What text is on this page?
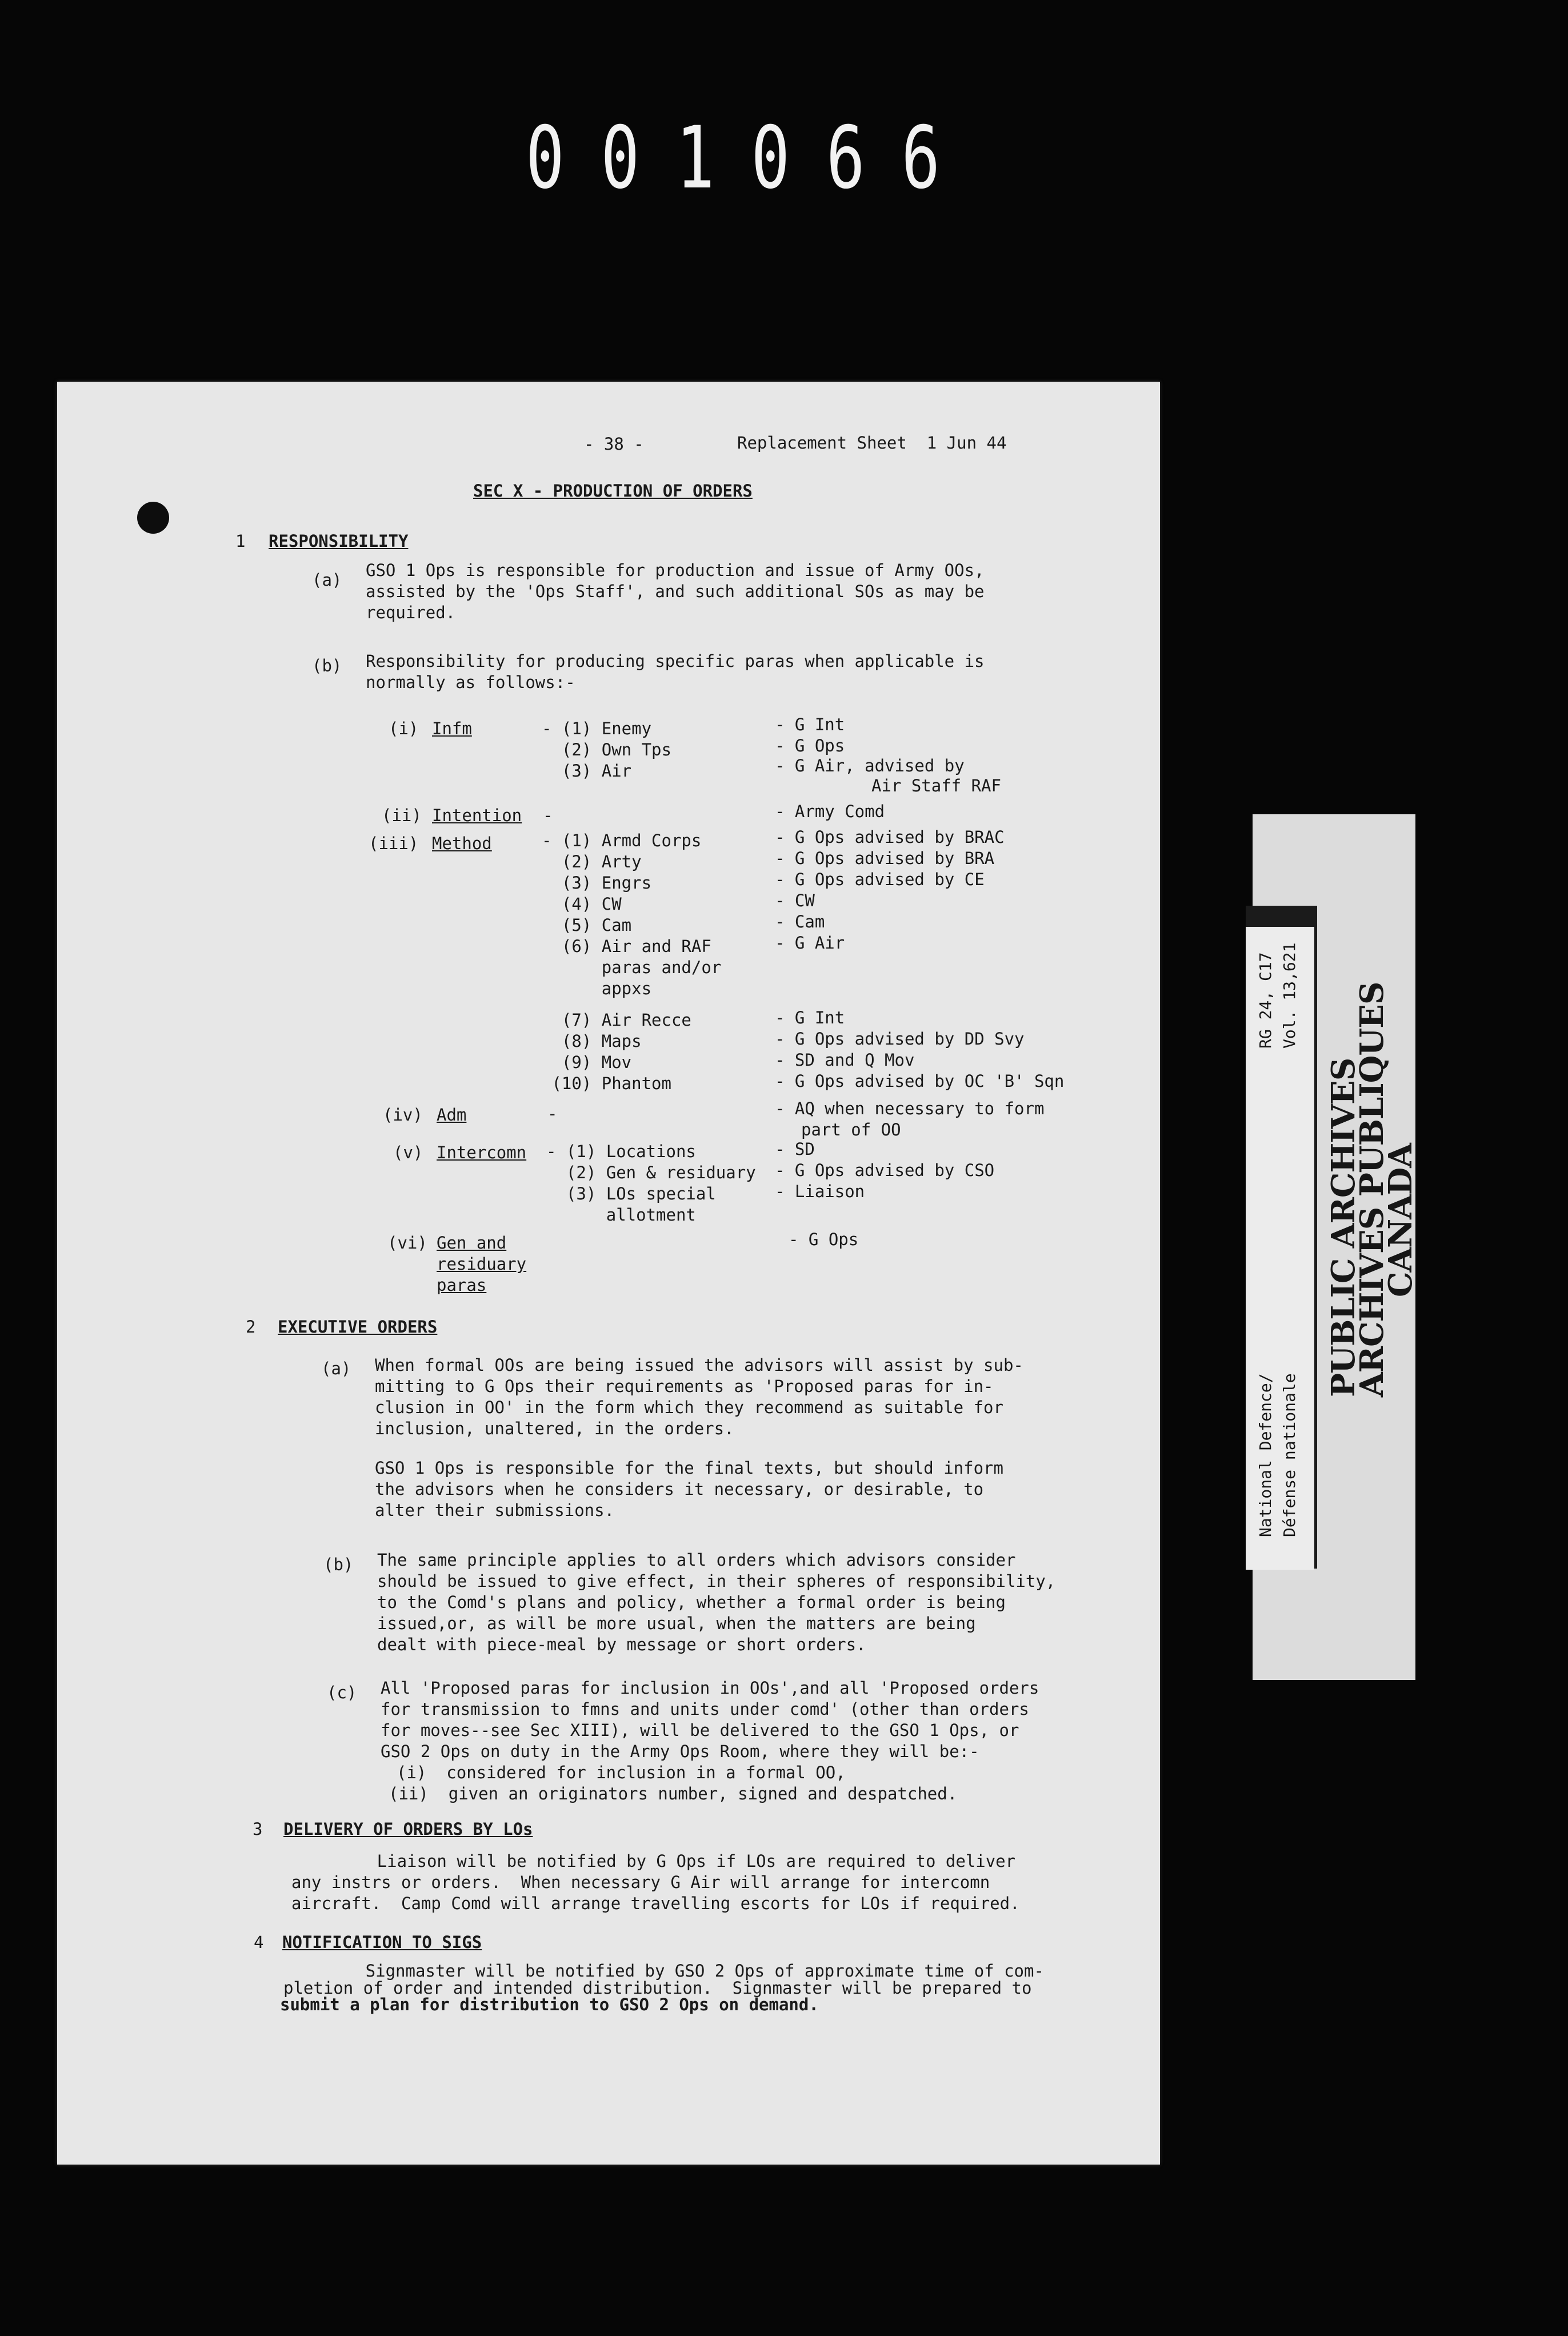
001066
- 38 -	Replacement Sheet  1 Jun 44
SEC X - PRODUCTION OF ORDERS
1 RESPONSIBILITY
(a) GSO 1 Ops is responsible for production and issue of Army OOs,
assisted by the 'Ops Staff', and such additional SOs as may be
required.
(b) Responsibility for producing specific paras when applicable is
normally as follows:-
(i) Infm	- (1) Enemy	- G Int
(2) Own Tps	- G Ops
(3) Air	- G Air, advised by
Air Staff RAF
(ii) Intention -	- Army Comd
(iii) Method	- (1) Armd Corps	- G Ops advised by BRAC
(2) Arty	- G Ops advised by BRA
(3) Engrs	- G Ops advised by CE
(4) CW	- CW
(5) Cam	- Cam
(6) Air and RAF	- G Air
paras and/or
appxs
(7) Air Recce	- G Int
(8) Maps	- G Ops advised by DD Svy
(9) Mov	- SD and Q Mov
(10) Phantom	- G Ops advised by OC 'B' Sqn
(iv) Adm	-	- AQ when necessary to form
part of OO
(v) Intercomn - (1) Locations	- SD
(2) Gen & residuary - G Ops advised by CSO
(3) LOs special	- Liaison
allotment
(vi) Gen and
residuary
paras
- G Ops
2 EXECUTIVE ORDERS
(a) When formal OOs are being issued the advisors will assist by sub-
mitting to G Ops their requirements as 'Proposed paras for in-
clusion in OO' in the form which they recommend as suitable for
inclusion, unaltered, in the orders.
GSO 1 Ops is responsible for the final texts, but should inform
the advisors when he considers it necessary, or desirable, to
alter their submissions.
(b) The same principle applies to all orders which advisors consider
should be issued to give effect, in their spheres of responsibility,
to the Comd's plans and policy, whether a formal order is being
issued,or, as will be more usual, when the matters are being
dealt with piece-meal by message or short orders.
(c) All 'Proposed paras for inclusion in OOs',and all 'Proposed orders
for transmission to fmns and units under comd' (other than orders
for moves--see Sec XIII), will be delivered to the GSO 1 Ops, or
GSO 2 Ops on duty in the Army Ops Room, where they will be:-
(i)  considered for inclusion in a formal OO,
(ii)  given an originators number, signed and despatched.
3 DELIVERY OF ORDERS BY LOs
Liaison will be notified by G Ops if LOs are required to deliver
any instrs or orders.  When necessary G Air will arrange for intercomn
aircraft.  Camp Comd will arrange travelling escorts for LOs if required.
4 NOTIFICATION TO SIGS
Signmaster will be notified by GSO 2 Ops of approximate time of com-
pletion of order and intended distribution.  Signmaster will be prepared to
submit a plan for distribution to GSO 2 Ops on demand.
RG 24, C17 Vol. 13,621
National Defence/ Défense nationale
PUBLIC ARCHIVES
ARCHIVES PUBLIQUES
CANADA
